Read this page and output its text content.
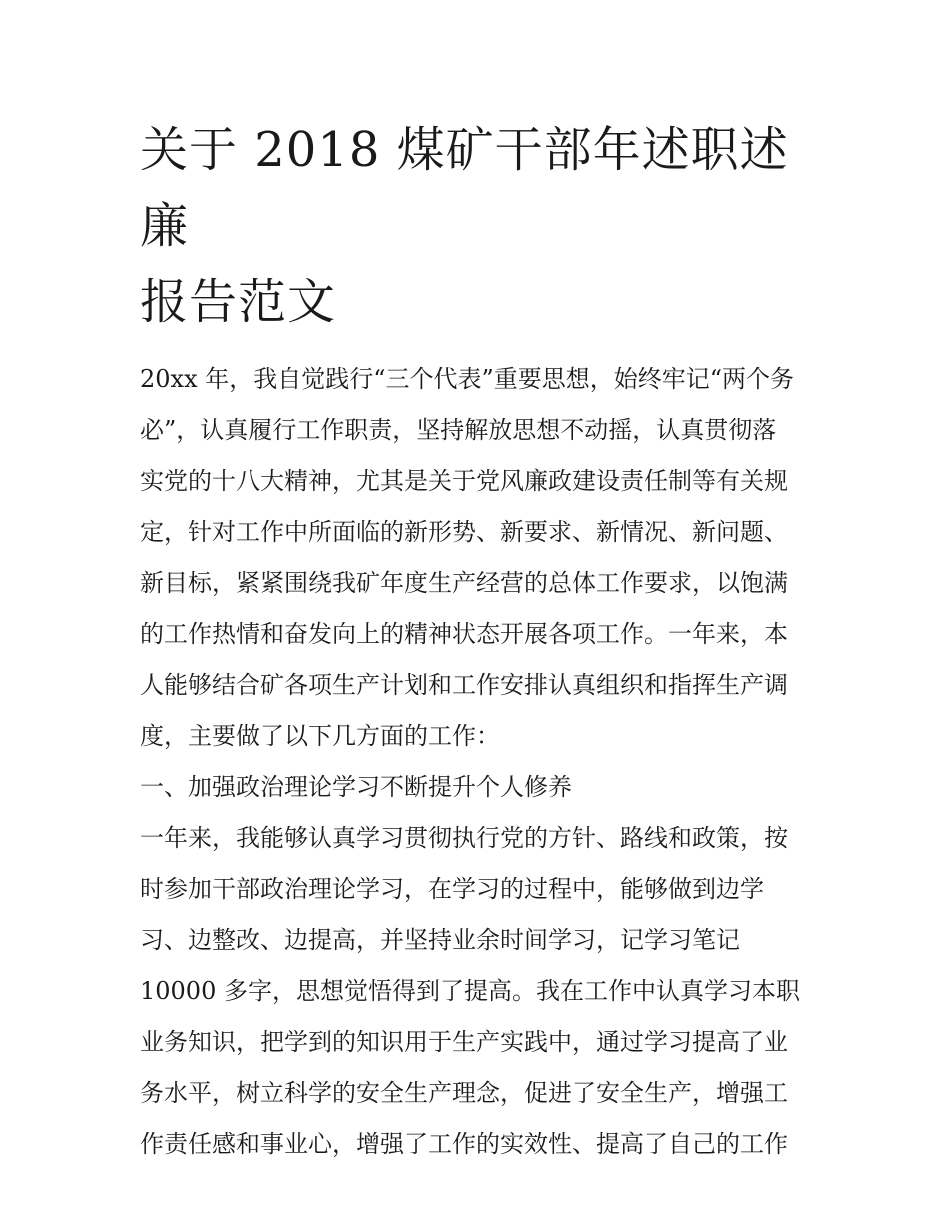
关于 2018 煤矿干部年述职述廉
报告范文
20xx 年，我自觉践行“三个代表”重要思想，始终牢记“两个务
必”，认真履行工作职责，坚持解放思想不动摇，认真贯彻落
实党的十八大精神，尤其是关于党风廉政建设责任制等有关规
定，针对工作中所面临的新形势、新要求、新情况、新问题、
新目标，紧紧围绕我矿年度生产经营的总体工作要求，以饱满
的工作热情和奋发向上的精神状态开展各项工作。一年来，本
人能够结合矿各项生产计划和工作安排认真组织和指挥生产调
度，主要做了以下几方面的工作：
一、加强政治理论学习不断提升个人修养
一年来，我能够认真学习贯彻执行党的方针、路线和政策，按
时参加干部政治理论学习，在学习的过程中，能够做到边学
习、边整改、边提高，并坚持业余时间学习，记学习笔记
10000 多字，思想觉悟得到了提高。我在工作中认真学习本职
业务知识，把学到的知识用于生产实践中，通过学习提高了业
务水平，树立科学的安全生产理念，促进了安全生产，增强工
作责任感和事业心，增强了工作的实效性、提高了自己的工作
